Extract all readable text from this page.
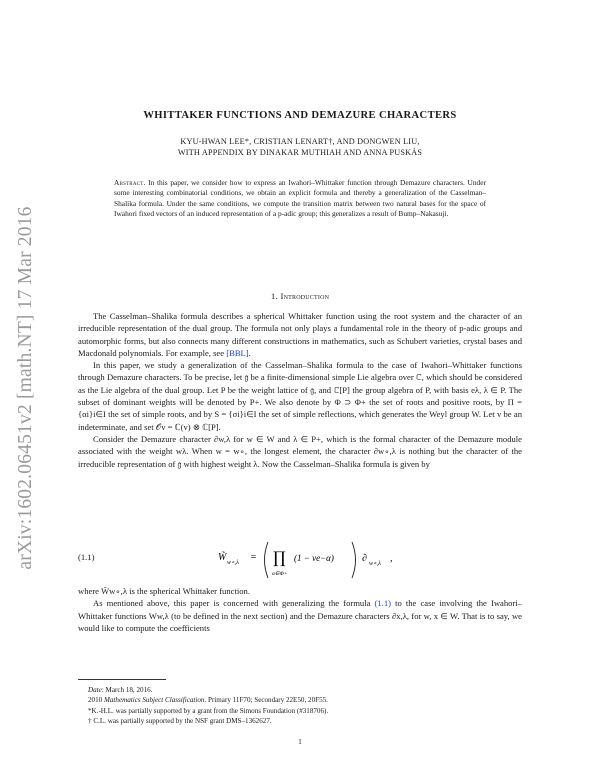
arXiv:1602.06451v2 [math.NT] 17 Mar 2016
WHITTAKER FUNCTIONS AND DEMAZURE CHARACTERS
KYU-HWAN LEE*, CRISTIAN LENART†, AND DONGWEN LIU,
WITH APPENDIX BY DINAKAR MUTHIAH AND ANNA PUSKÁS
Abstract. In this paper, we consider how to express an Iwahori–Whittaker function through Demazure characters. Under some interesting combinatorial conditions, we obtain an explicit formula and thereby a generalization of the Casselman–Shalika formula. Under the same conditions, we compute the transition matrix between two natural bases for the space of Iwahori fixed vectors of an induced representation of a p-adic group; this generalizes a result of Bump–Nakasuji.
1. Introduction

The Casselman–Shalika formula describes a spherical Whittaker function using the root system and the character of an irreducible representation of the dual group. The formula not only plays a fundamental role in the theory of p-adic groups and automorphic forms, but also connects many different constructions in mathematics, such as Schubert varieties, crystal bases and Macdonald polynomials. For example, see [BBL].

In this paper, we study a generalization of the Casselman–Shalika formula to the case of Iwahori–Whittaker functions through Demazure characters. To be precise, let 𝔤 be a finite-dimensional simple Lie algebra over ℂ, which should be considered as the Lie algebra of the dual group. Let P be the weight lattice of 𝔤, and ℂ[P] the group algebra of P, with basis eλ, λ ∈ P. The subset of dominant weights will be denoted by P+. We also denote by Φ ⊃ Φ+ the set of roots and positive roots, by Π = {αi}i∈I the set of simple roots, and by S = {σi}i∈I the set of simple reflections, which generates the Weyl group W. Let v be an indeterminate, and set 𝒪v = ℂ(v) ⊗ ℂ[P].

Consider the Demazure character ∂w,λ for w ∈ W and λ ∈ P+, which is the formal character of the Demazure module associated with the weight wλ. When w = w∘, the longest element, the character ∂w∘,λ is nothing but the character of the irreducible representation of 𝔤 with highest weight λ. Now the Casselman–Shalika formula is given by

(1.1)	W̃ w∘,λ = ∏
α∈Φ+
(1 − ve−α)	∂ w∘,λ ,

where W̃w∘,λ is the spherical Whittaker function.

As mentioned above, this paper is concerned with generalizing the formula (1.1) to the case involving the Iwahori–Whittaker functions Ww,λ (to be defined in the next section) and the Demazure characters ∂x,λ, for w, x ∈ W. That is to say, we would like to compute the coefficients

Date: March 18, 2016.
2010 Mathematics Subject Classification. Primary 11F70; Secondary 22E50, 20F55.
*K.-H.L. was partially supported by a grant from the Simons Foundation (#318706).
† C.L. was partially supported by the NSF grant DMS–1362627.
1
